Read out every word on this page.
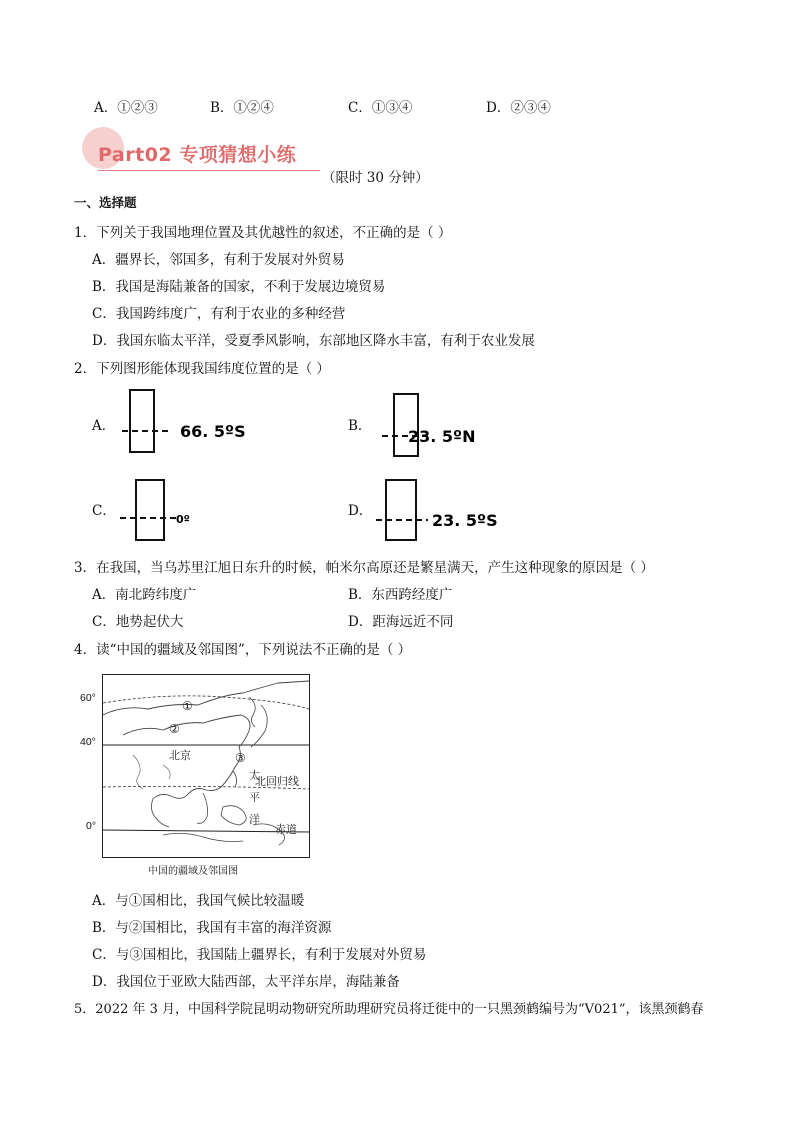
A．①②③	B．①②④	C．①③④	D．②③④
Part02 专项猜想小练
（限时 30 分钟）
一、选择题
1．下列关于我国地理位置及其优越性的叙述，不正确的是（ ）
A．疆界长，邻国多，有利于发展对外贸易
B．我国是海陆兼备的国家，不利于发展边境贸易
C．我国跨纬度广，有利于农业的多种经营
D．我国东临太平洋，受夏季风影响，东部地区降水丰富，有利于农业发展
2．下列图形能体现我国纬度位置的是（ ）
A．	66. 5ºS	B．
23. 5ºN
C．
0º
D．	23. 5ºS
3．在我国，当乌苏里江旭日东升的时候，帕米尔高原还是繁星满天，产生这种现象的原因是（ ）
A．南北跨纬度广	B．东西跨经度广
C．地势起伏大	D．距海远近不同
4．读“中国的疆域及邻国图”，下列说法不正确的是（ ）
60°
40°
0°
①
②
③
北京
太
平
洋
北回归线
赤道
中国的疆域及邻国图
A．与①国相比，我国气候比较温暖
B．与②国相比，我国有丰富的海洋资源
C．与③国相比，我国陆上疆界长，有利于发展对外贸易
D．我国位于亚欧大陆西部，太平洋东岸，海陆兼备
5．2022 年 3 月，中国科学院昆明动物研究所助理研究员将迁徙中的一只黑颈鹤编号为“V021”，该黑颈鹤春
